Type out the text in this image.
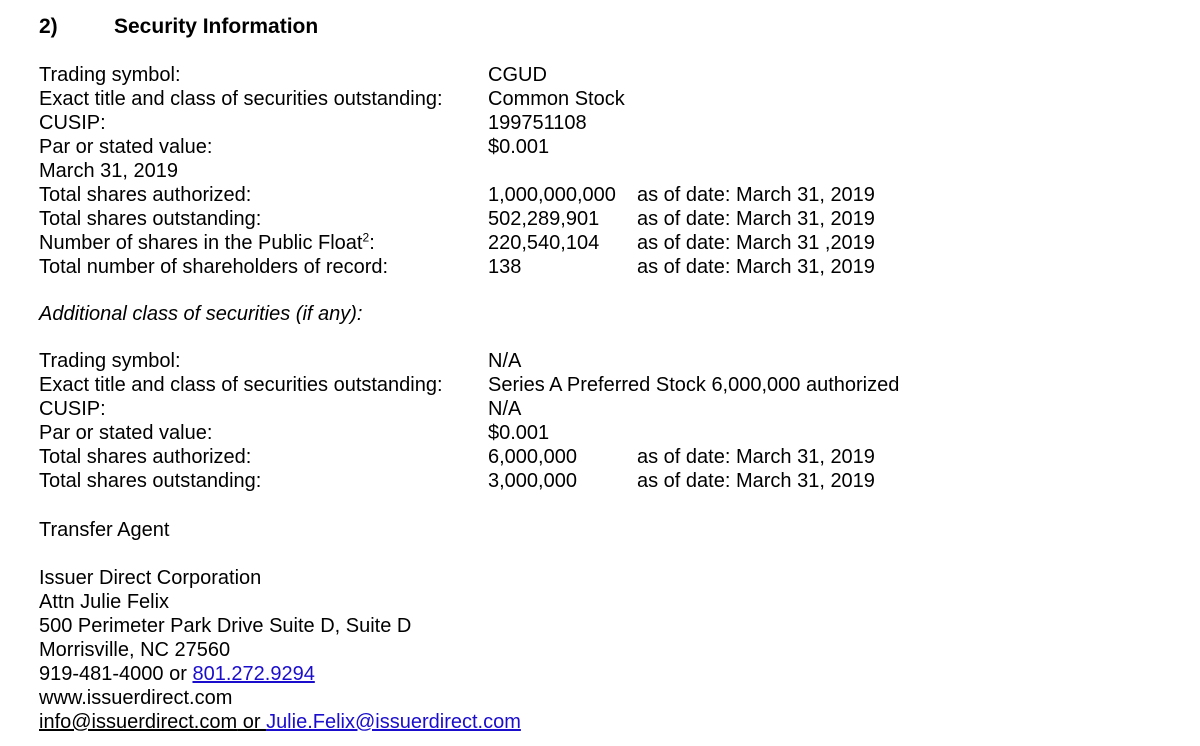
2)	Security Information
Trading symbol:	CGUD
Exact title and class of securities outstanding: Common Stock
CUSIP:	199751108
Par or stated value:	$0.001
March 31, 2019
Total shares authorized:	1,000,000,000 as of date: March 31, 2019
Total shares outstanding:	502,289,901 as of date: March 31, 2019
Number of shares in the Public Float$^2$:	220,540,104 as of date: March 31 ,2019
Total number of shareholders of record:	138	as of date: March 31, 2019
Additional class of securities (if any):
Trading symbol:	N/A
Exact title and class of securities outstanding: Series A Preferred Stock 6,000,000 authorized
CUSIP:	N/A
Par or stated value:	$0.001
Total shares authorized:	6,000,000	as of date: March 31, 2019
Total shares outstanding:	3,000,000	as of date: March 31, 2019
Transfer Agent
Issuer Direct Corporation
Attn Julie Felix
500 Perimeter Park Drive Suite D, Suite D
Morrisville, NC 27560
919-481-4000 or 801.272.9294
www.issuerdirect.com
info@issuerdirect.com or Julie.Felix@issuerdirect.com
